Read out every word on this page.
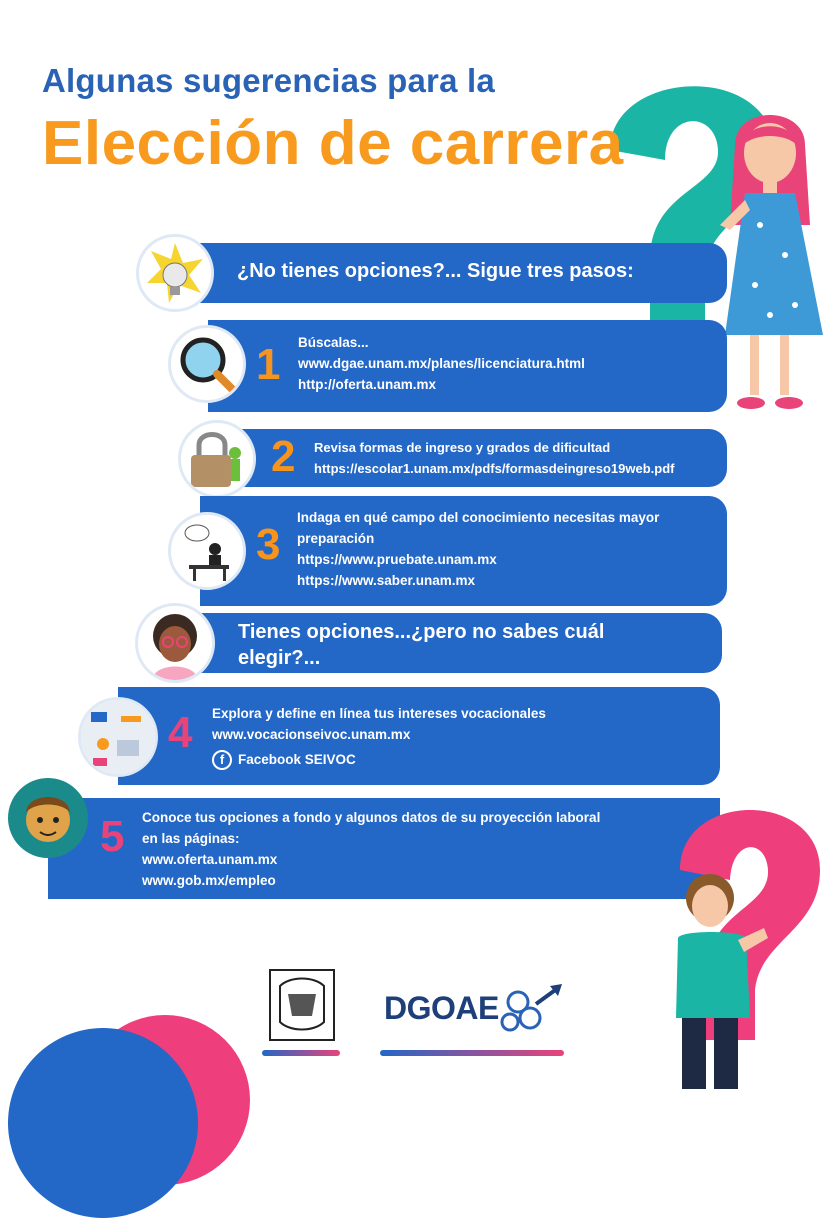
Algunas sugerencias para la
Elección de carrera
¿No tienes opciones?... Sigue tres pasos:
Búscalas...
www.dgae.unam.mx/planes/licenciatura.html
http://oferta.unam.mx
1
Revisa formas de ingreso y grados de dificultad
https://escolar1.unam.mx/pdfs/formasdeingreso19web.pdf
2
Indaga en qué campo del conocimiento necesitas mayor
preparación
https://www.pruebate.unam.mx
https://www.saber.unam.mx
3
Tienes opciones...¿pero no sabes cuál
elegir?...
Explora y define en línea tus intereses vocacionales
www.vocacionseivoc.unam.mx
f Facebook SEIVOC
4
Conoce tus opciones a fondo y algunos datos de su proyección laboral
en las páginas:
www.oferta.unam.mx
www.gob.mx/empleo
5
DGOAE
